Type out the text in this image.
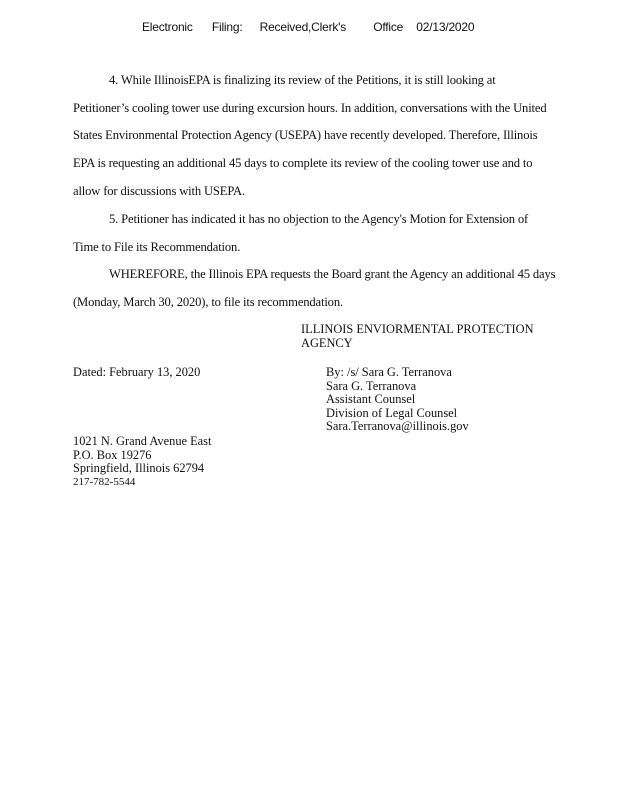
Electronic Filing: Received,Clerk's Office 02/13/2020
4. While IllinoisEPA is finalizing its review of the Petitions, it is still looking at
Petitioner’s cooling tower use during excursion hours. In addition, conversations with the United
States Environmental Protection Agency (USEPA) have recently developed. Therefore, Illinois
EPA is requesting an additional 45 days to complete its review of the cooling tower use and to
allow for discussions with USEPA.
5. Petitioner has indicated it has no objection to the Agency's Motion for Extension of
Time to File its Recommendation.
WHEREFORE, the Illinois EPA requests the Board grant the Agency an additional 45 days
(Monday, March 30, 2020), to file its recommendation.
ILLINOIS ENVIORMENTAL PROTECTION
AGENCY
Dated: February 13, 2020	By: /s/ Sara G. Terranova
Sara G. Terranova
Assistant Counsel
Division of Legal Counsel
Sara.Terranova@illinois.gov
1021 N. Grand Avenue East
P.O. Box 19276
Springfield, Illinois 62794
217-782-5544
